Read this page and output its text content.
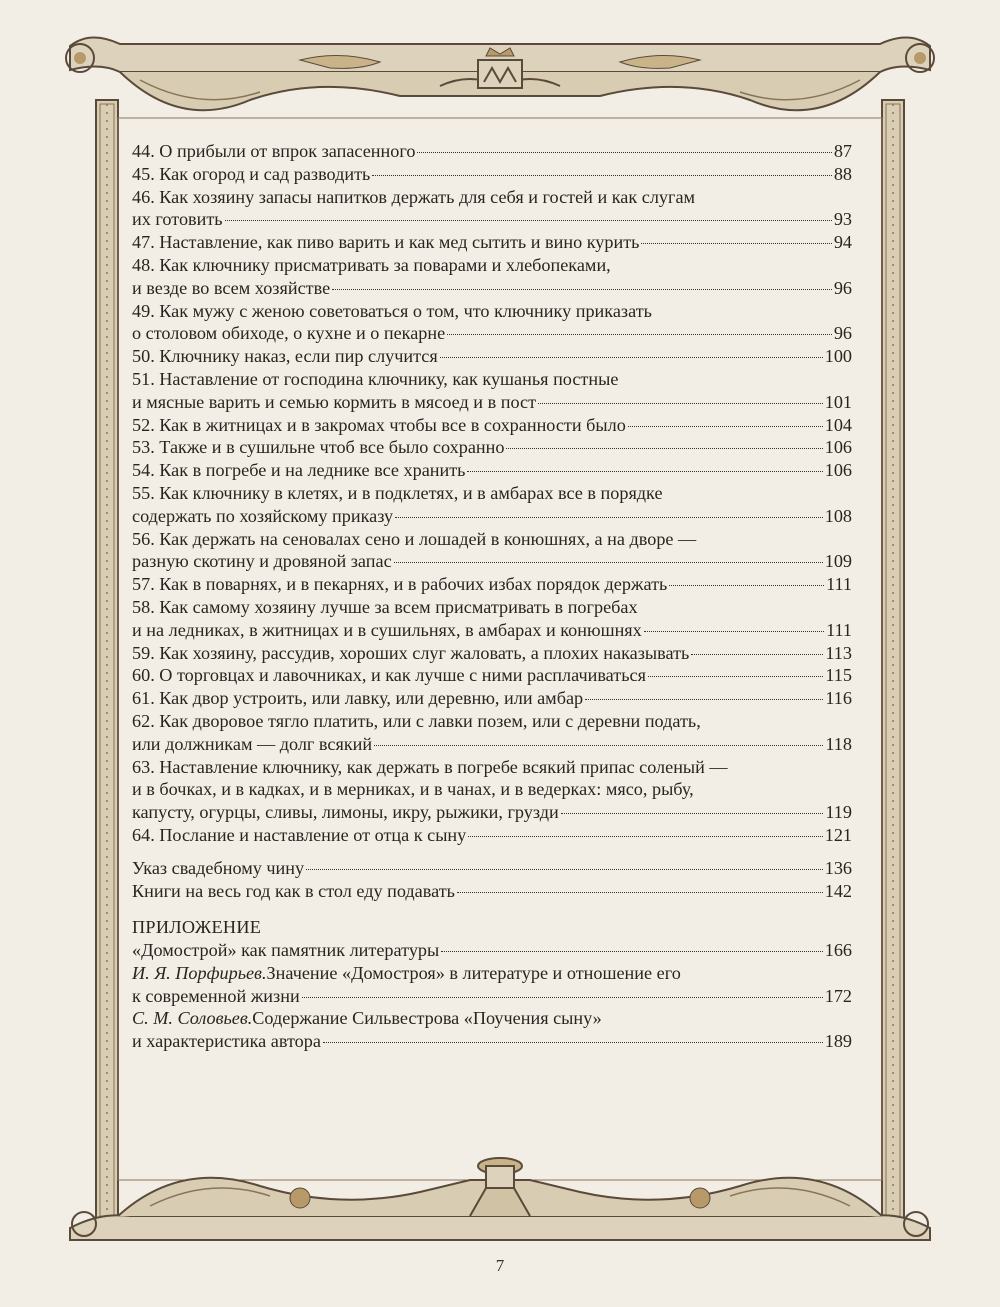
44. О прибыли от впрок запасенного	87
45. Как огород и сад разводить	88
46. Как хозяину запасы напитков держать для себя и гостей и как слугам
их готовить	93
47. Наставление, как пиво варить и как мед сытить и вино курить	94
48. Как ключнику присматривать за поварами и хлебопеками,
и везде во всем хозяйстве	96
49. Как мужу с женою советоваться о том, что ключнику приказать
о столовом обиходе, о кухне и о пекарне	96
50. Ключнику наказ, если пир случится	100
51. Наставление от господина ключнику, как кушанья постные
и мясные варить и семью кормить в мясоед и в пост	101
52. Как в житницах и в закромах чтобы все в сохранности было	104
53. Также и в сушильне чтоб все было сохранно	106
54. Как в погребе и на леднике все хранить	106
55. Как ключнику в клетях, и в подклетях, и в амбарах все в порядке
содержать по хозяйскому приказу	108
56. Как держать на сеновалах сено и лошадей в конюшнях, а на дворе —
разную скотину и дровяной запас	109
57. Как в поварнях, и в пекарнях, и в рабочих избах порядок держать	111
58. Как самому хозяину лучше за всем присматривать в погребах
и на ледниках, в житницах и в сушильнях, в амбарах и конюшнях	111
59. Как хозяину, рассудив, хороших слуг жаловать, а плохих наказывать	113
60. О торговцах и лавочниках, и как лучше с ними расплачиваться	115
61. Как двор устроить, или лавку, или деревню, или амбар	116
62. Как дворовое тягло платить, или с лавки позем, или с деревни подать,
или должникам — долг всякий	118
63. Наставление ключнику, как держать в погребе всякий припас соленый —
и в бочках, и в кадках, и в мерниках, и в чанах, и в ведерках: мясо, рыбу,
капусту, огурцы, сливы, лимоны, икру, рыжики, грузди	119
64. Послание и наставление от отца к сыну	121
Указ свадебному чину	136
Книги на весь год как в стол еду подавать	142
ПРИЛОЖЕНИЕ
«Домострой» как памятник литературы	166
И. Я. Порфирьев. Значение «Домостроя» в литературе и отношение его
к современной жизни	172
С. М. Соловьев. Содержание Сильвестрова «Поучения сыну»
и характеристика автора	189
7
